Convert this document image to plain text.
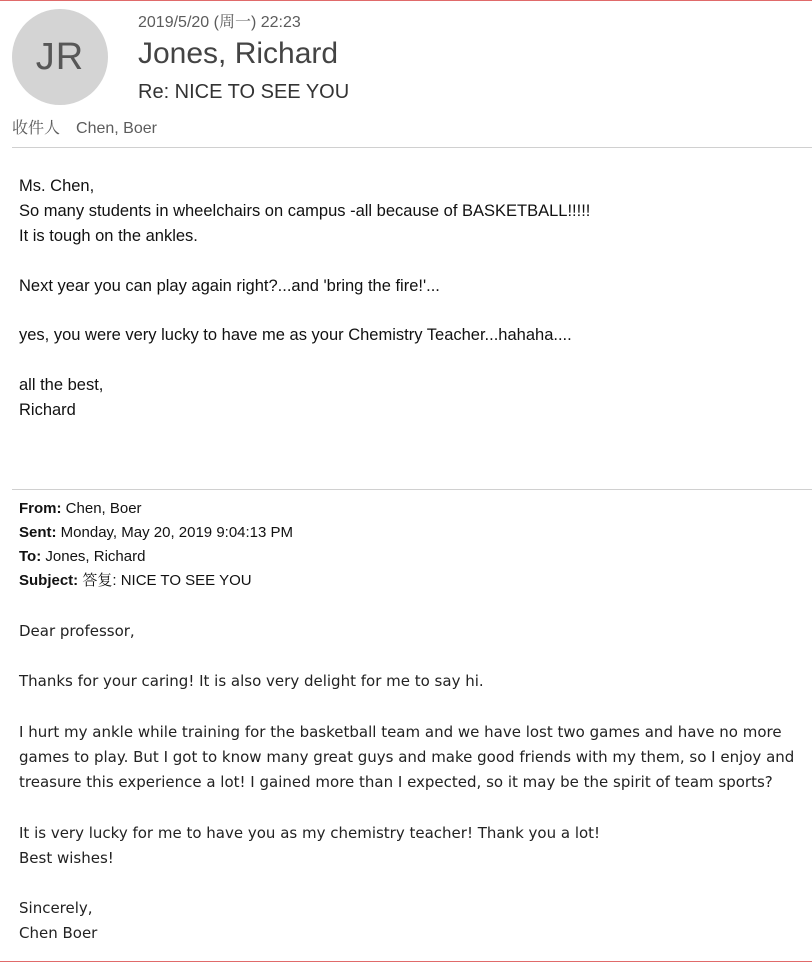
JR
2019/5/20 (周一) 22:23
Jones, Richard
Re: NICE TO SEE YOU
收件人 Chen, Boer

Ms. Chen,

So many students in wheelchairs on campus -all because of BASKETBALL!!!!!

It is tough on the ankles.

Next year you can play again right?...and 'bring the fire!'...

yes, you were very lucky to have me as your Chemistry Teacher...hahaha....

all the best,

Richard

From: Chen, Boer
Sent: Monday, May 20, 2019 9:04:13 PM
To: Jones, Richard
Subject: 答复: NICE TO SEE YOU

Dear professor,

Thanks for your caring! It is also very delight for me to say hi.

I hurt my ankle while training for the basketball team and we have lost two games and have no more

games to play. But I got to know many great guys and make good friends with my them, so I enjoy and

treasure this experience a lot! I gained more than I expected, so it may be the spirit of team sports?

It is very lucky for me to have you as my chemistry teacher! Thank you a lot!

Best wishes!

Sincerely,

Chen Boer
